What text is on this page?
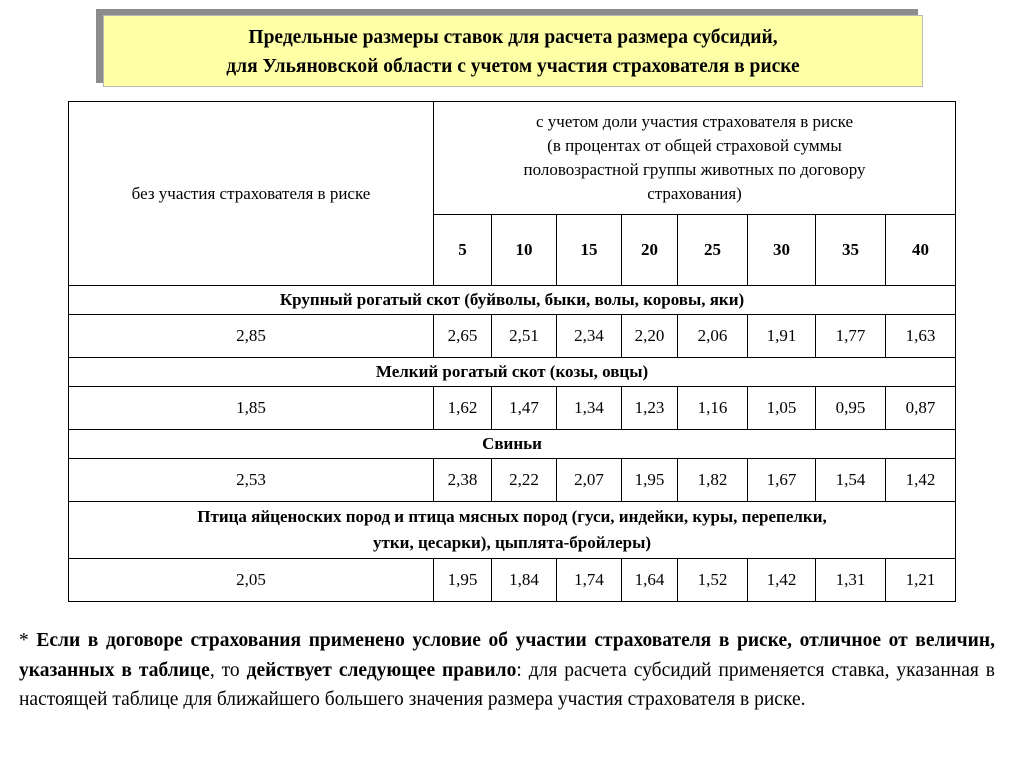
Предельные размеры ставок для расчета размера субсидий,
для Ульяновской области с учетом участия страхователя в риске
без участия страхователя в риске	с учетом доли участия страхователя в риске
(в процентах от общей страховой суммы
половозрастной группы животных по договору
страхования)							

	5	10	15	20	25	30	35	40
Крупный рогатый скот (буйволы, быки, волы, коровы, яки)								
2,85	2,65	2,51	2,34	2,20	2,06	1,91	1,77	1,63
Мелкий рогатый скот (козы, овцы)								
1,85	1,62	1,47	1,34	1,23	1,16	1,05	0,95	0,87
Свиньи								
2,53	2,38	2,22	2,07	1,95	1,82	1,67	1,54	1,42

Птица яйценоских пород и птица мясных пород (гуси, индейки, куры, перепелки,
утки, цесарки), цыплята-бройлеры)								

2,05	1,95	1,84	1,74	1,64	1,52	1,42	1,31	1,21
* Если в договоре страхования применено условие об участии страхователя в риске, отличное от величин, указанных в таблице, то действует следующее правило: для расчета субсидий применяется ставка, указанная в настоящей таблице для ближайшего большего значения размера участия страхователя в риске.
